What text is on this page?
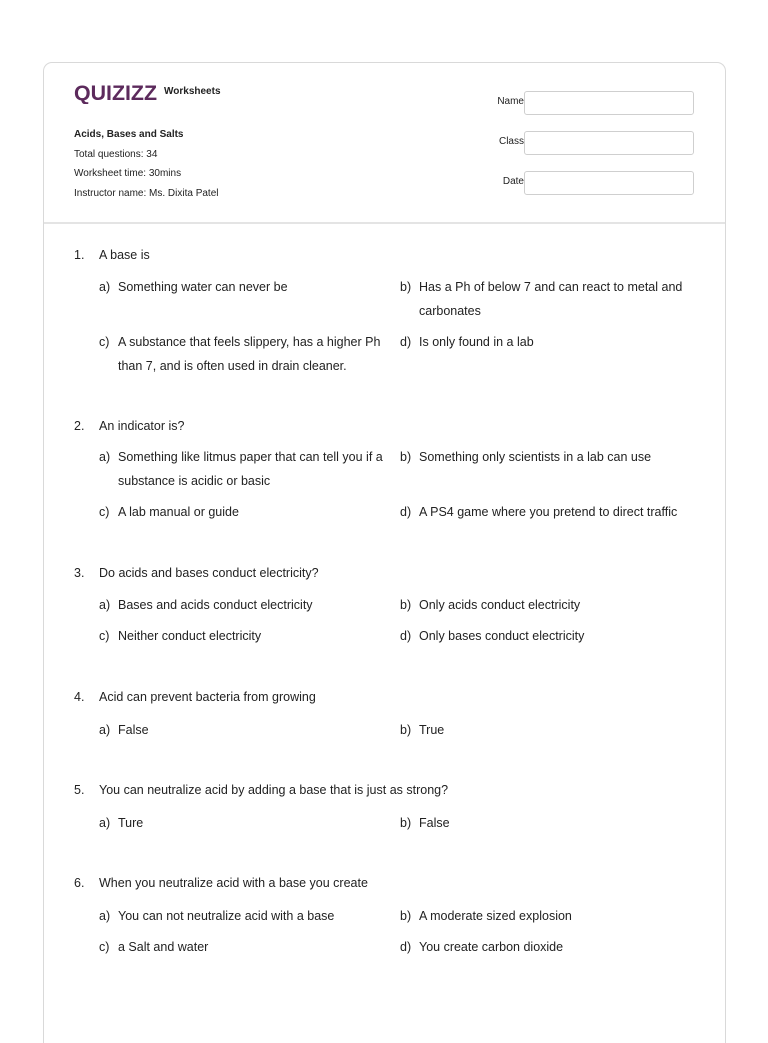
QUIZIZZ Worksheets
Acids, Bases and Salts
Total questions: 34
Worksheet time: 30mins
Instructor name: Ms. Dixita Patel
Name
Class
Date
1. A base is
a) Something water can never be	b) Has a Ph of below 7 and can react to metal and carbonates
c) A substance that feels slippery, has a higher Ph than 7, and is often used in drain cleaner.
d) Is only found in a lab
2. An indicator is?
a) Something like litmus paper that can tell you if a substance is acidic or basic
b) Something only scientists in a lab can use
c) A lab manual or guide	d) A PS4 game where you pretend to direct traffic
3. Do acids and bases conduct electricity?
a) Bases and acids conduct electricity	b) Only acids conduct electricity
c) Neither conduct electricity	d) Only bases conduct electricity
4. Acid can prevent bacteria from growing
a) False	b) True
5. You can neutralize acid by adding a base that is just as strong?
a) Ture	b) False
6. When you neutralize acid with a base you create
a) You can not neutralize acid with a base	b) A moderate sized explosion
c) a Salt and water	d) You create carbon dioxide
